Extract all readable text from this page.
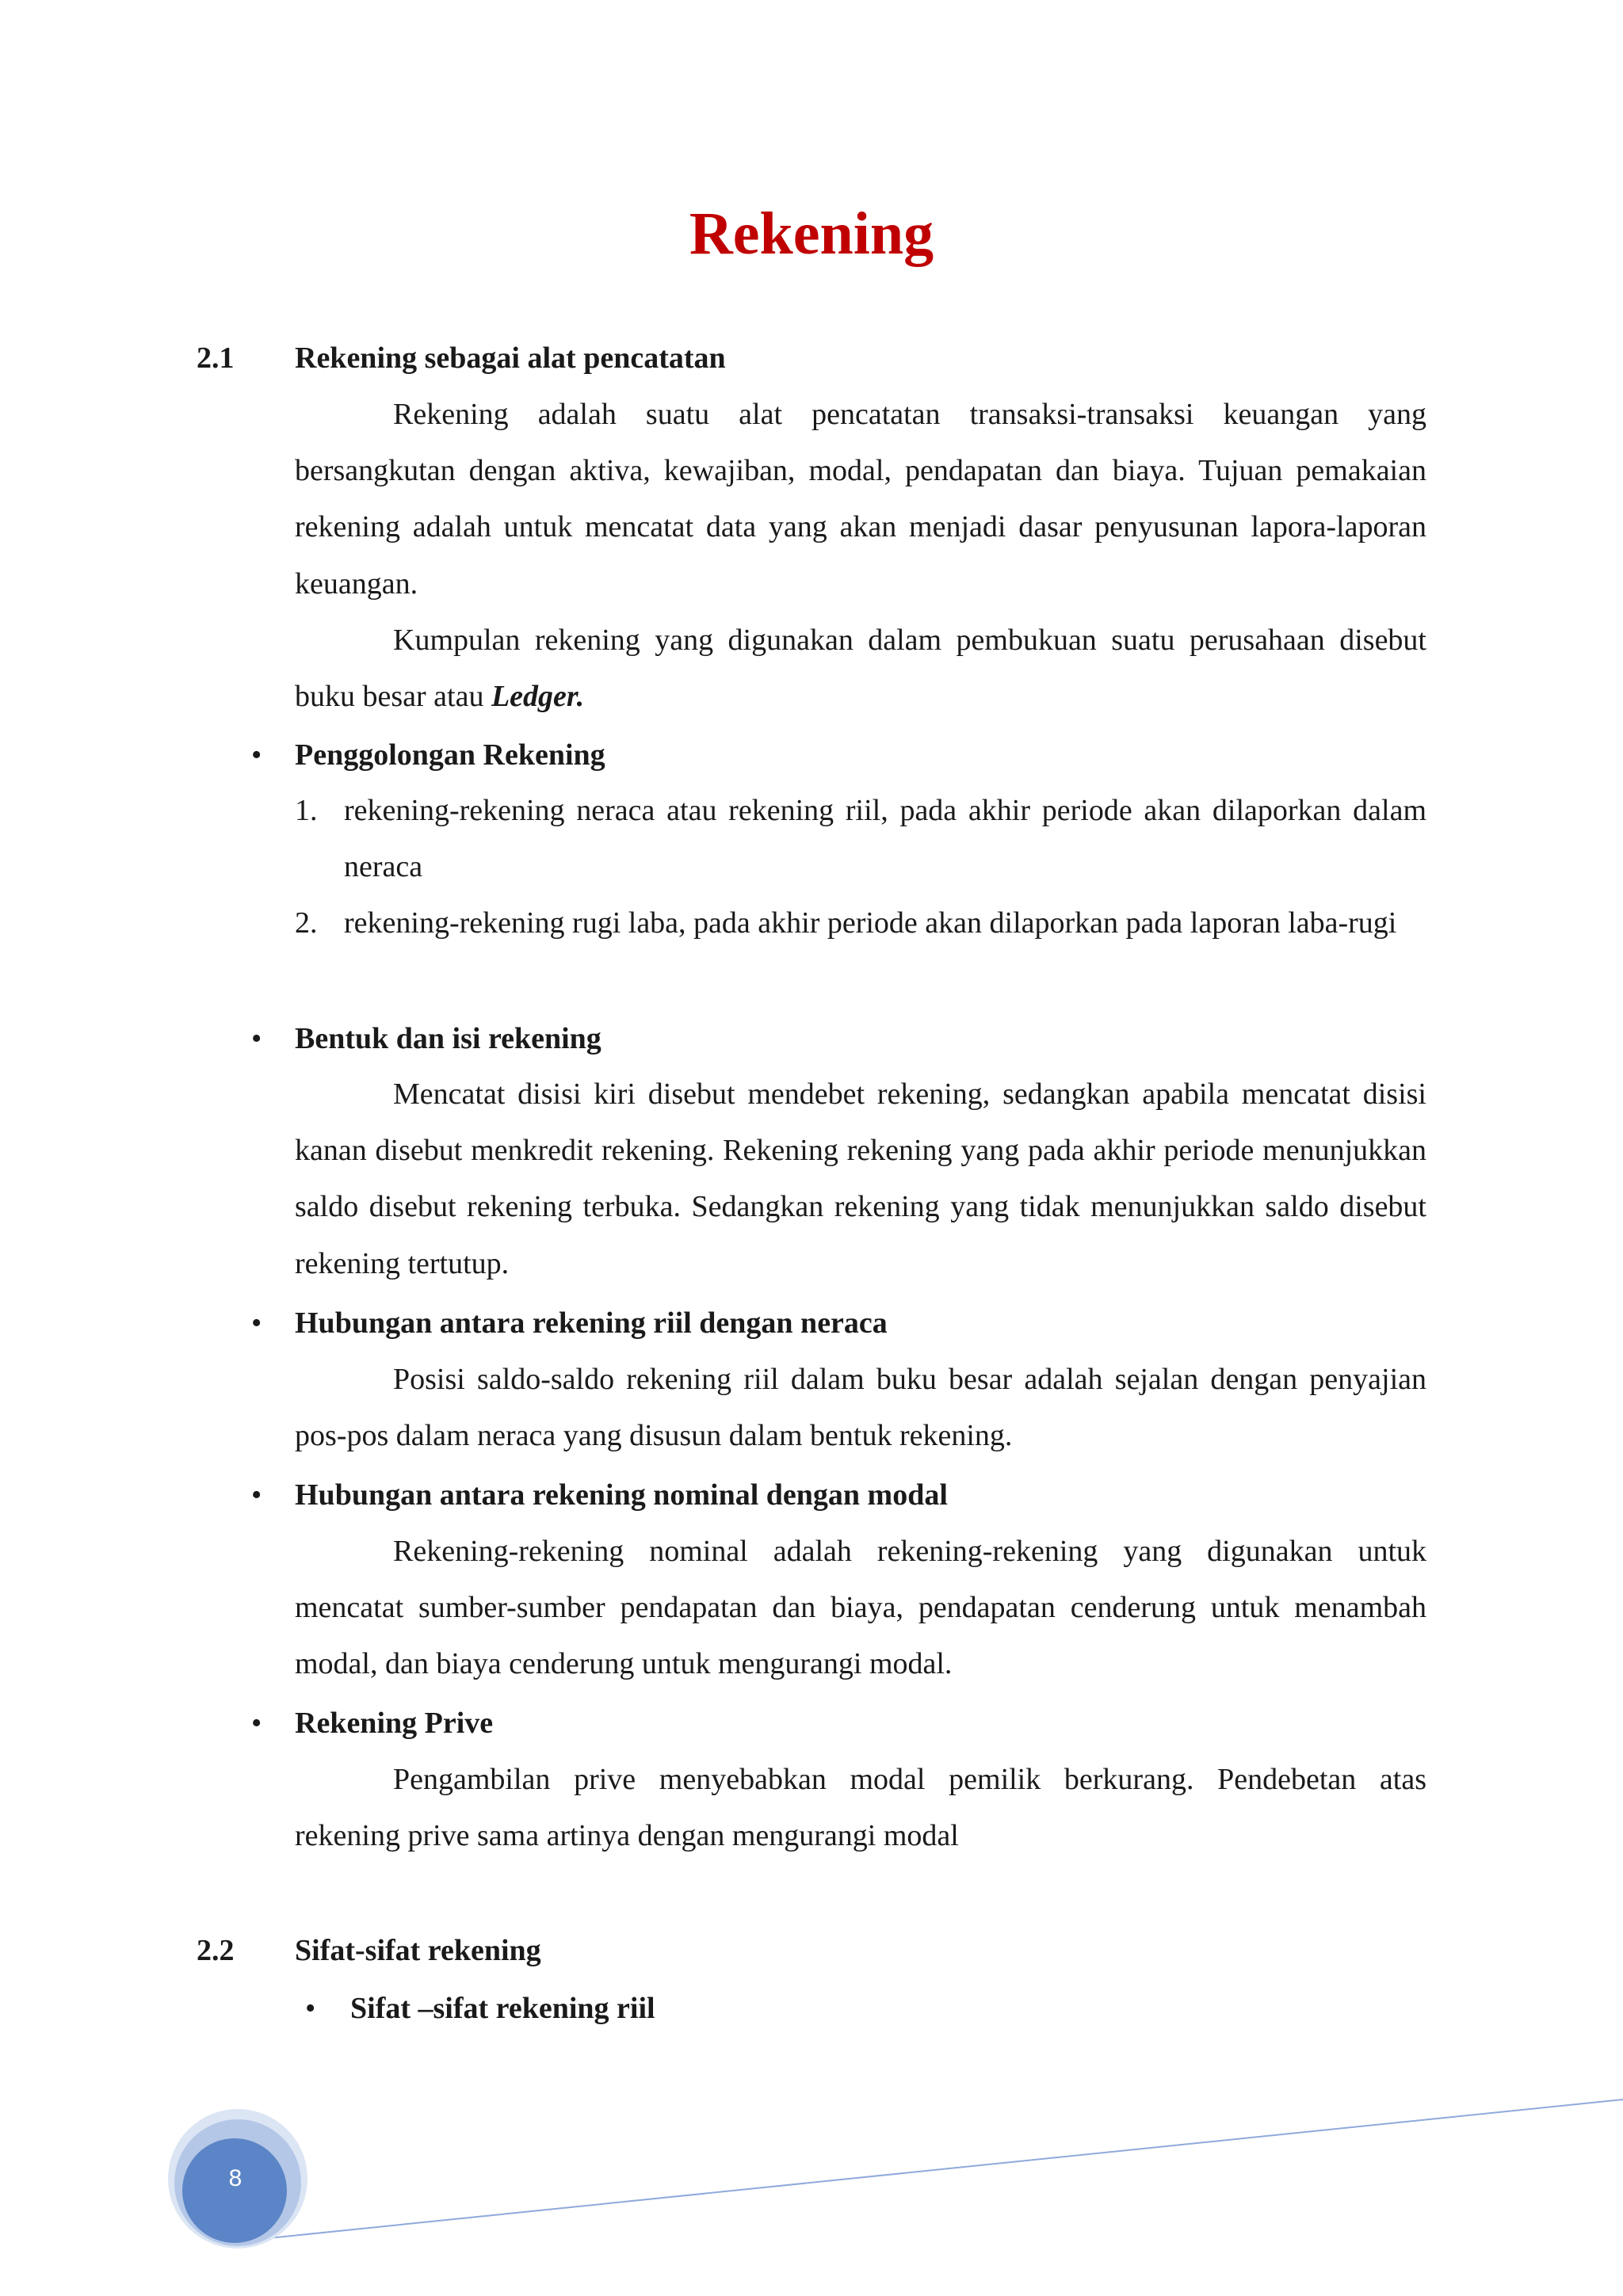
Rekening
2.1 Rekening sebagai alat pencatatan

Rekening adalah suatu alat pencatatan transaksi-transaksi keuangan yang bersangkutan dengan aktiva, kewajiban, modal, pendapatan dan biaya. Tujuan pemakaian rekening adalah untuk mencatat data yang akan menjadi dasar penyusunan lapora-laporan keuangan.

Kumpulan rekening yang digunakan dalam pembukuan suatu perusahaan disebut buku besar atau Ledger.

• Penggolongan Rekening
1. rekening-rekening neraca atau rekening riil, pada akhir periode akan dilaporkan dalam neraca

2. rekening-rekening rugi laba, pada akhir periode akan dilaporkan pada laporan laba-rugi

• Bentuk dan isi rekening

Mencatat disisi kiri disebut mendebet rekening, sedangkan apabila mencatat disisi kanan disebut menkredit rekening. Rekening rekening yang pada akhir periode menunjukkan saldo disebut rekening terbuka. Sedangkan rekening yang tidak menunjukkan saldo disebut rekening tertutup.

• Hubungan antara rekening riil dengan neraca

Posisi saldo-saldo rekening riil dalam buku besar adalah sejalan dengan penyajian pos-pos dalam neraca yang disusun dalam bentuk rekening.

• Hubungan antara rekening nominal dengan modal

Rekening-rekening nominal adalah rekening-rekening yang digunakan untuk mencatat sumber-sumber pendapatan dan biaya, pendapatan cenderung untuk menambah modal, dan biaya cenderung untuk mengurangi modal.

• Rekening Prive

Pengambilan prive menyebabkan modal pemilik berkurang. Pendebetan atas rekening prive sama artinya dengan mengurangi modal

2.2 Sifat-sifat rekening
• Sifat –sifat rekening riil
8
